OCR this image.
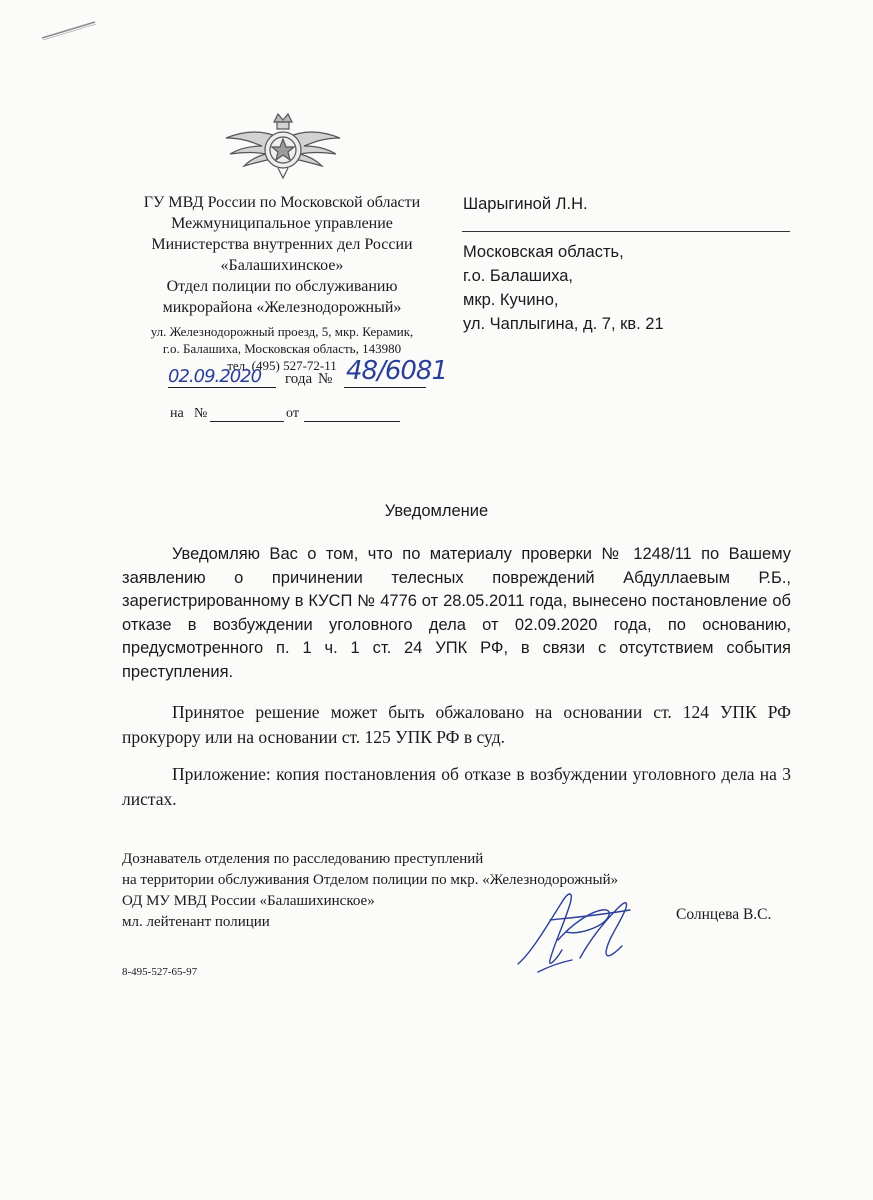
ГУ МВД России по Московской области
Межмуниципальное управление
Министерства внутренних дел России
«Балашихинское»
Отдел полиции по обслуживанию
микрорайона «Железнодорожный»
ул. Железнодорожный проезд, 5, мкр. Керамик,
г.о. Балашиха, Московская область, 143980
тел. (495) 527-72-11
02.09.2020 года № 48/6081
на №	от
Шарыгиной Л.Н.
Московская область,
г.о. Балашиха,
мкр. Кучино,
ул. Чаплыгина, д. 7, кв. 21
Уведомление
Уведомляю Вас о том, что по материалу проверки № 1248/11 по Вашему заявлению о причинении телесных повреждений Абдуллаевым Р.Б., зарегистрированному в КУСП № 4776 от 28.05.2011 года, вынесено постановление об отказе в возбуждении уголовного дела от 02.09.2020 года, по основанию, предусмотренного п. 1 ч. 1 ст. 24 УПК РФ, в связи с отсутствием события преступления.
Принятое решение может быть обжаловано на основании ст. 124 УПК РФ прокурору или на основании ст. 125 УПК РФ в суд.
Приложение: копия постановления об отказе в возбуждении уголовного дела на 3 листах.
Дознаватель отделения по расследованию преступлений
на территории обслуживания Отделом полиции по мкр. «Железнодорожный»
ОД МУ МВД России «Балашихинское»
мл. лейтенант полиции	Солнцева В.С.
8-495-527-65-97
